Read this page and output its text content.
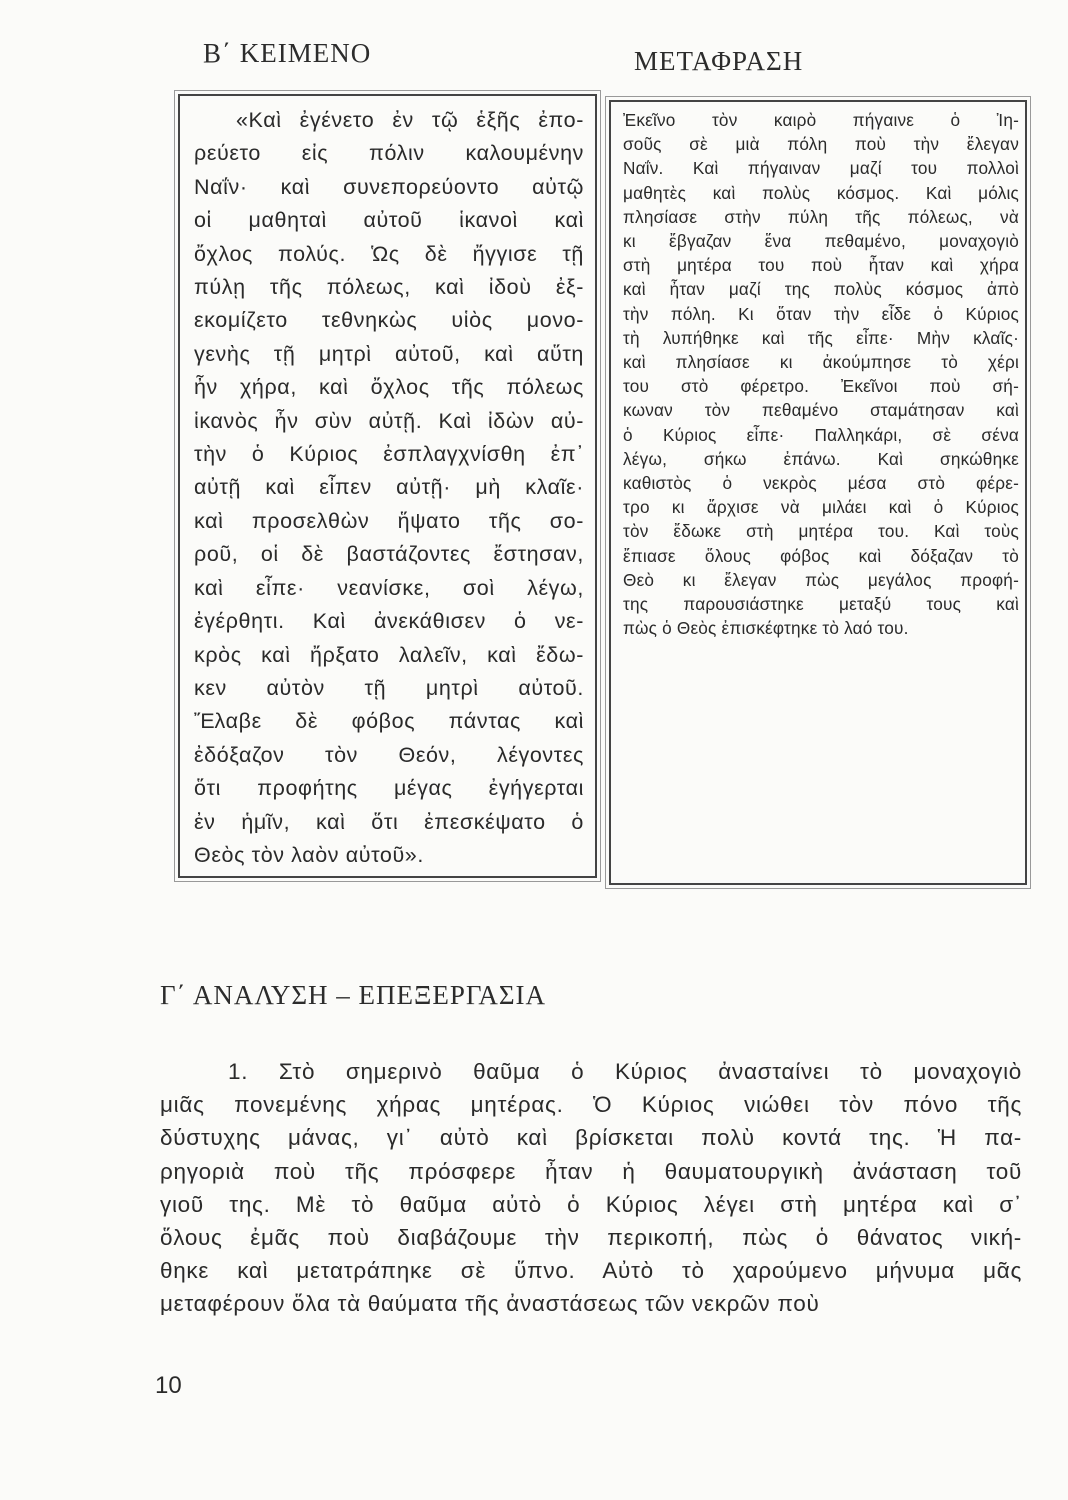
Β΄ ΚΕΙΜΕΝΟ	ΜΕΤΑΦΡΑΣΗ
«Καὶ ἐγένετο ἐν τῷ ἑξῆς ἐπο-
ρεύετο εἰς πόλιν καλουμένην
Ναΐν· καὶ συνεπορεύοντο αὐτῷ
οἱ μαθηταὶ αὐτοῦ ἱκανοὶ καὶ
ὄχλος πολύς. Ὡς δὲ ἤγγισε τῇ
πύλῃ τῆς πόλεως, καὶ ἰδοὺ ἐξ-
εκομίζετο τεθνηκὼς υἱὸς μονο-
γενὴς τῇ μητρὶ αὐτοῦ, καὶ αὕτη
ἦν χήρα, καὶ ὄχλος τῆς πόλεως
ἱκανὸς ἦν σὺν αὐτῇ. Καὶ ἰδὼν αὐ-
τὴν ὁ Κύριος ἐσπλαγχνίσθη ἐπ᾿
αὐτῇ καὶ εἶπεν αὐτῇ· μὴ κλαῖε·
καὶ προσελθὼν ἥψατο τῆς σο-
ροῦ, οἱ δὲ βαστάζοντες ἔστησαν,
καὶ εἶπε· νεανίσκε, σοὶ λέγω,
ἐγέρθητι. Καὶ ἀνεκάθισεν ὁ νε-
κρὸς καὶ ἤρξατο λαλεῖν, καὶ ἔδω-
κεν αὐτὸν τῇ μητρὶ αὐτοῦ.
Ἔλαβε δὲ φόβος πάντας καὶ
ἐδόξαζον τὸν Θεόν, λέγοντες
ὅτι προφήτης μέγας ἐγήγερται
ἐν ἡμῖν, καὶ ὅτι ἐπεσκέψατο ὁ
Θεὸς τὸν λαὸν αὐτοῦ».
Ἐκεῖνο τὸν καιρὸ πήγαινε ὁ Ἰη-
σοῦς σὲ μιὰ πόλη ποὺ τὴν ἔλεγαν
Ναΐν. Καὶ πήγαιναν μαζί του πολλοὶ
μαθητὲς καὶ πολὺς κόσμος. Καὶ μόλις
πλησίασε στὴν πύλη τῆς πόλεως, νὰ
κι ἔβγαζαν ἕνα πεθαμένο, μοναχογιὸ
στὴ μητέρα του ποὺ ἦταν καὶ χήρα
καὶ ἦταν μαζί της πολὺς κόσμος ἀπὸ
τὴν πόλη. Κι ὅταν τὴν εἶδε ὁ Κύριος
τὴ λυπήθηκε καὶ τῆς εἶπε· Μὴν κλαῖς·
καὶ πλησίασε κι ἀκούμπησε τὸ χέρι
του στὸ φέρετρο. Ἐκεῖνοι ποὺ σή-
κωναν τὸν πεθαμένο σταμάτησαν καὶ
ὁ Κύριος εἶπε· Παλληκάρι, σὲ σένα
λέγω, σήκω ἐπάνω. Καὶ σηκώθηκε
καθιστὸς ὁ νεκρὸς μέσα στὸ φέρε-
τρο κι ἄρχισε νὰ μιλάει καὶ ὁ Κύριος
τὸν ἔδωκε στὴ μητέρα του. Καὶ τοὺς
ἔπιασε ὅλους φόβος καὶ δόξαζαν τὸ
Θεὸ κι ἔλεγαν πὼς μεγάλος προφή-
της παρουσιάστηκε μεταξύ τους καὶ
πὼς ὁ Θεὸς ἐπισκέφτηκε τὸ λαό του.
Γ΄ ΑΝΑΛΥΣΗ – ΕΠΕΞΕΡΓΑΣΙΑ
1. Στὸ σημερινὸ θαῦμα ὁ Κύριος ἀνασταίνει τὸ μοναχογιὸ
μιᾶς πονεμένης χήρας μητέρας. Ὁ Κύριος νιώθει τὸν πόνο τῆς
δύστυχης μάνας, γι᾿ αὐτὸ καὶ βρίσκεται πολὺ κοντά της. Ἡ πα-
ρηγοριὰ ποὺ τῆς πρόσφερε ἦταν ἡ θαυματουργικὴ ἀνάσταση τοῦ
γιοῦ της. Μὲ τὸ θαῦμα αὐτὸ ὁ Κύριος λέγει στὴ μητέρα καὶ σ᾿
ὅλους ἐμᾶς ποὺ διαβάζουμε τὴν περικοπή, πὼς ὁ θάνατος νική-
θηκε καὶ μετατράπηκε σὲ ὕπνο. Αὐτὸ τὸ χαρούμενο μήνυμα μᾶς
μεταφέρουν ὅλα τὰ θαύματα τῆς ἀναστάσεως τῶν νεκρῶν ποὺ
10
